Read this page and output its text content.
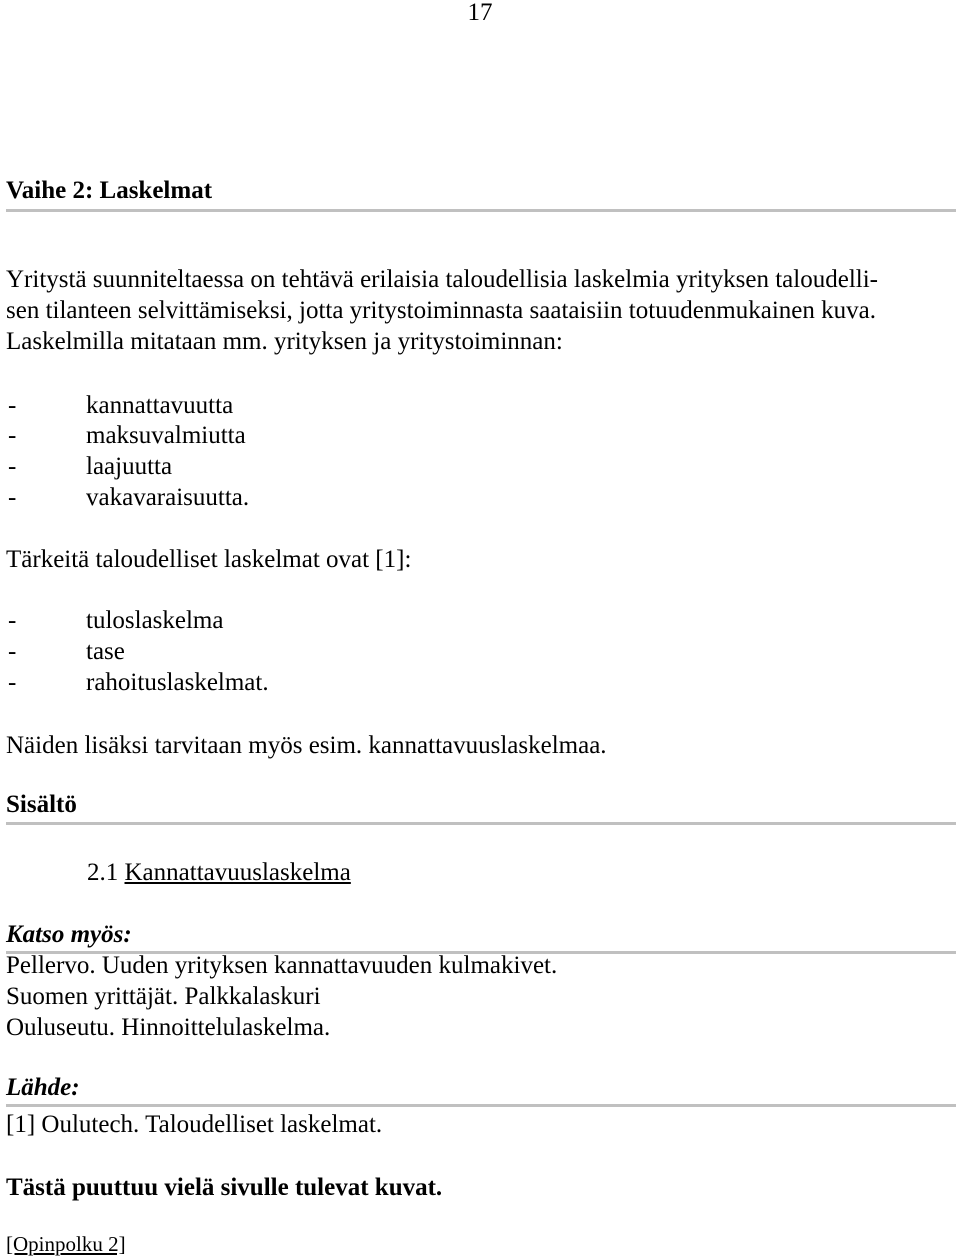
17
Vaihe 2: Laskelmat
Yritystä suunniteltaessa on tehtävä erilaisia taloudellisia laskelmia yrityksen taloudelli-
sen tilanteen selvittämiseksi, jotta yritystoiminnasta saataisiin totuudenmukainen kuva.
Laskelmilla mitataan mm. yrityksen ja yritystoiminnan:
-	kannattavuutta
-	maksuvalmiutta
-	laajuutta
-	vakavaraisuutta.
Tärkeitä taloudelliset laskelmat ovat [1]:
-	tuloslaskelma
-	tase
-	rahoituslaskelmat.
Näiden lisäksi tarvitaan myös esim. kannattavuuslaskelmaa.
Sisältö
2.1 Kannattavuuslaskelma
Katso myös:
Pellervo. Uuden yrityksen kannattavuuden kulmakivet.
Suomen yrittäjät. Palkkalaskuri
Ouluseutu. Hinnoittelulaskelma.
Lähde:
[1] Oulutech. Taloudelliset laskelmat.
Tästä puuttuu vielä sivulle tulevat kuvat.
[Opinpolku 2]
